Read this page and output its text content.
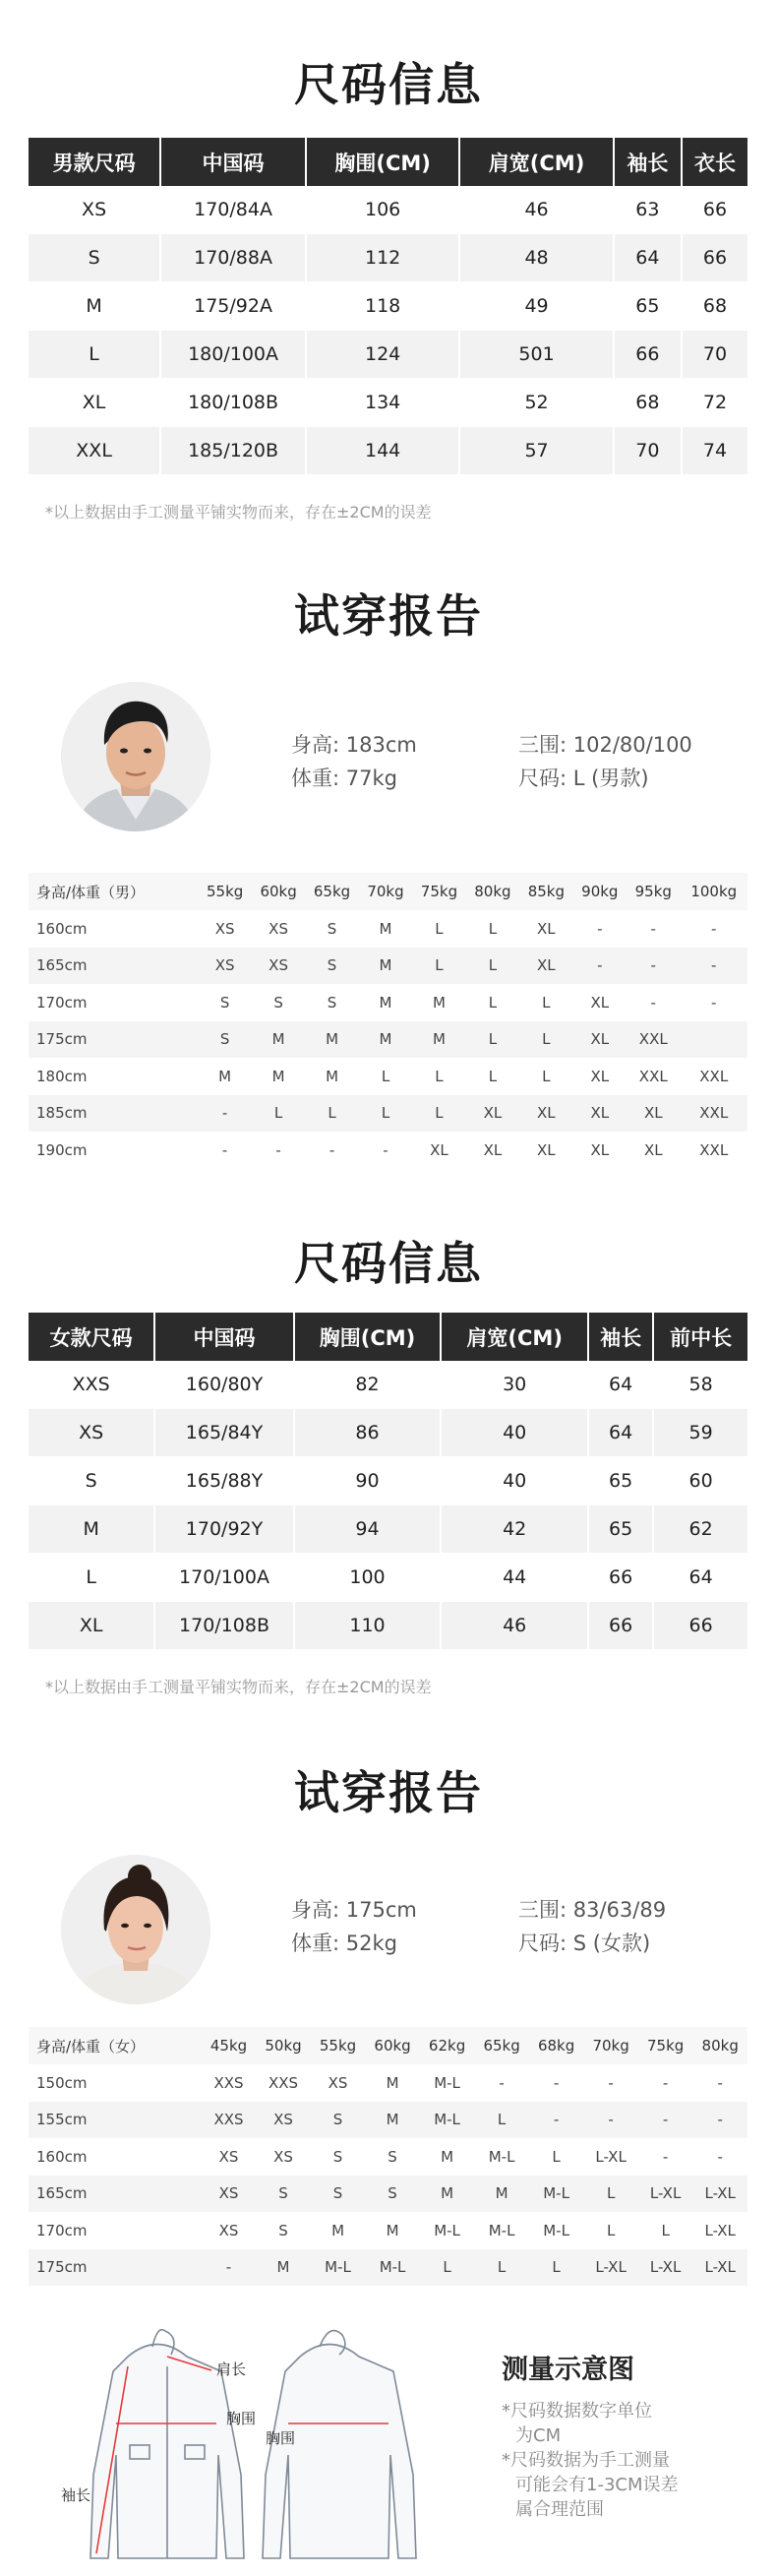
尺码信息
男款尺码	中国码	胸围(CM)	肩宽(CM)	袖长	衣长
XS	170/84A	106	46	63	66
S	170/88A	112	48	64	66
M	175/92A	118	49	65	68
L	180/100A	124	501	66	70
XL	180/108B	134	52	68	72
XXL	185/120B	144	57	70	74
*以上数据由手工测量平铺实物而来，存在±2CM的误差
试穿报告
身高: 183cm
体重: 77kg
三围: 102/80/100
尺码: L (男款)
身高/体重（男）	55kg	60kg	65kg	70kg	75kg	80kg	85kg	90kg	95kg	100kg
160cm	XS	XS	S	M	L	L	XL	-	-	-
165cm	XS	XS	S	M	L	L	XL	-	-	-
170cm	S	S	S	M	M	L	L	XL	-	-
175cm	S	M	M	M	M	L	L	XL	XXL	
180cm	M	M	M	L	L	L	L	XL	XXL	XXL
185cm	-	L	L	L	L	XL	XL	XL	XL	XXL
190cm	-	-	-	-	XL	XL	XL	XL	XL	XXL
尺码信息
女款尺码	中国码	胸围(CM)	肩宽(CM)	袖长	前中长
XXS	160/80Y	82	30	64	58
XS	165/84Y	86	40	64	59
S	165/88Y	90	40	65	60
M	170/92Y	94	42	65	62
L	170/100A	100	44	66	64
XL	170/108B	110	46	66	66
*以上数据由手工测量平铺实物而来，存在±2CM的误差
试穿报告
身高: 175cm
体重: 52kg
三围: 83/63/89
尺码: S (女款)
身高/体重（女）	45kg	50kg	55kg	60kg	62kg	65kg	68kg	70kg	75kg	80kg
150cm	XXS	XXS	XS	M	M-L	-	-	-	-	-
155cm	XXS	XS	S	M	M-L	L	-	-	-	-
160cm	XS	XS	S	S	M	M-L	L	L-XL	-	-
165cm	XS	S	S	S	M	M	M-L	L	L-XL	L-XL
170cm	XS	S	M	M	M-L	M-L	M-L	L	L	L-XL
175cm	-	M	M-L	M-L	L	L	L	L-XL	L-XL	L-XL
肩长
胸围
胸围
袖长
测量示意图
*尺码数据数字单位
为CM
*尺码数据为手工测量
可能会有1-3CM误差
属合理范围
